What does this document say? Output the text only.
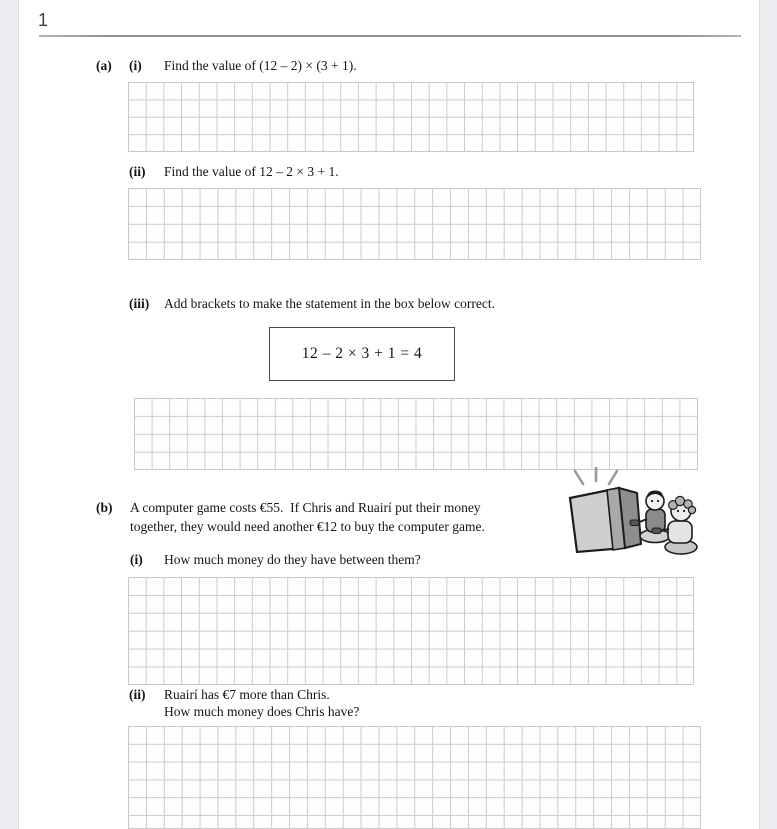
1
(a) (i) Find the value of (12 – 2) × (3 + 1).
(ii) Find the value of 12 – 2 × 3 + 1.
(iii) Add brackets to make the statement in the box below correct.
12 – 2 × 3 + 1 = 4
(b) A computer game costs €55.  If Chris and Ruairí put their money
together, they would need another €12 to buy the computer game.
(i) How much money do they have between them?
(ii) Ruairí has €7 more than Chris.
How much money does Chris have?
